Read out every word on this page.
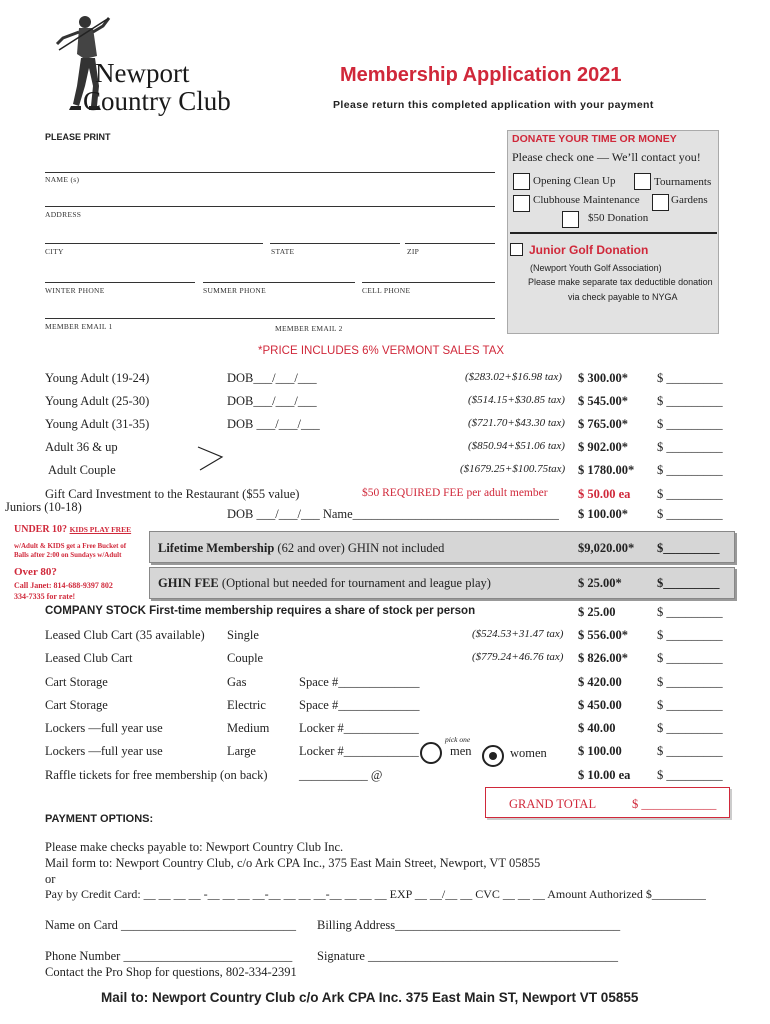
Newport
Country Club
Membership Application 2021
Please return this completed application with your payment
PLEASE PRINT
NAME (s)
ADDRESS
CITY	STATE	ZIP
WINTER PHONE	SUMMER PHONE	CELL PHONE
MEMBER EMAIL 1	MEMBER EMAIL 2
DONATE YOUR TIME OR MONEY
Please check one — We’ll contact you!
Opening Clean Up	Tournaments
Clubhouse Maintenance	Gardens
$50 Donation
Junior Golf Donation
(Newport Youth Golf Association)
Please make separate tax deductible donation
via check payable to NYGA
*PRICE INCLUDES 6% VERMONT SALES TAX
Young Adult (19-24)	DOB___/___/___	($283.02+$16.98 tax) $ 300.00* $ _________
Young Adult (25-30)	DOB___/___/___	($514.15+$30.85 tax) $ 545.00* $ _________
Young Adult (31-35)	DOB ___/___/___	($721.70+$43.30 tax) $ 765.00* $ _________
Adult 36 & up	($850.94+$51.06 tax) $ 902.00* $ _________
Adult Couple	($1679.25+$100.75tax) $ 1780.00* $ _________
Gift Card Investment to the Restaurant ($55 value)	$50 REQUIRED FEE per adult member $ 50.00 ea $ _________
Juniors (10-18)	DOB ___/___/___ Name_________________________________ $ 100.00* $ _________
UNDER 10? KIDS PLAY FREE
w/Adult & KIDS get a Free Bucket of
Balls after 2:00 on Sundays w/Adult
Over 80?
Call Janet: 814-688-9397 802
334-7335 for rate!
Lifetime Membership (62 and over) GHIN not included	$9,020.00* $_________
GHIN FEE (Optional but needed for tournament and league play)	$ 25.00*	$_________
COMPANY STOCK First-time membership requires a share of stock per person	$ 25.00	$ _________
Leased Club Cart (35 available) Single	($524.53+31.47 tax) $ 556.00* $ _________
Leased Club Cart	Couple	($779.24+46.76 tax) $ 826.00* $ _________
Cart Storage	Gas	Space #_____________	$ 420.00	$ _________
Cart Storage	Electric	Space #_____________	$ 450.00	$ _________
Lockers —full year use	Medium Locker #____________	$ 40.00	$ _________
Lockers —full year use	Large	Locker #____________	$ 100.00	$ _________
pick one
men	women
Raffle tickets for free membership (on back)	___________ @	$ 10.00 ea $ _________
GRAND TOTAL	$ ____________
PAYMENT OPTIONS:
Please make checks payable to: Newport Country Club Inc.
Mail form to: Newport Country Club, c/o Ark CPA Inc., 375 East Main Street, Newport, VT 05855
or
Pay by Credit Card: __ __ __ __ -__ __ __ __-__ __ __ __-__ __ __ __ EXP __ __/__ __ CVC __ __ __ Amount Authorized $_________
Name on Card ____________________________ Billing Address____________________________________
Phone Number ___________________________ Signature ________________________________________
Contact the Pro Shop for questions, 802-334-2391
Mail to: Newport Country Club c/o Ark CPA Inc. 375 East Main ST, Newport VT 05855
